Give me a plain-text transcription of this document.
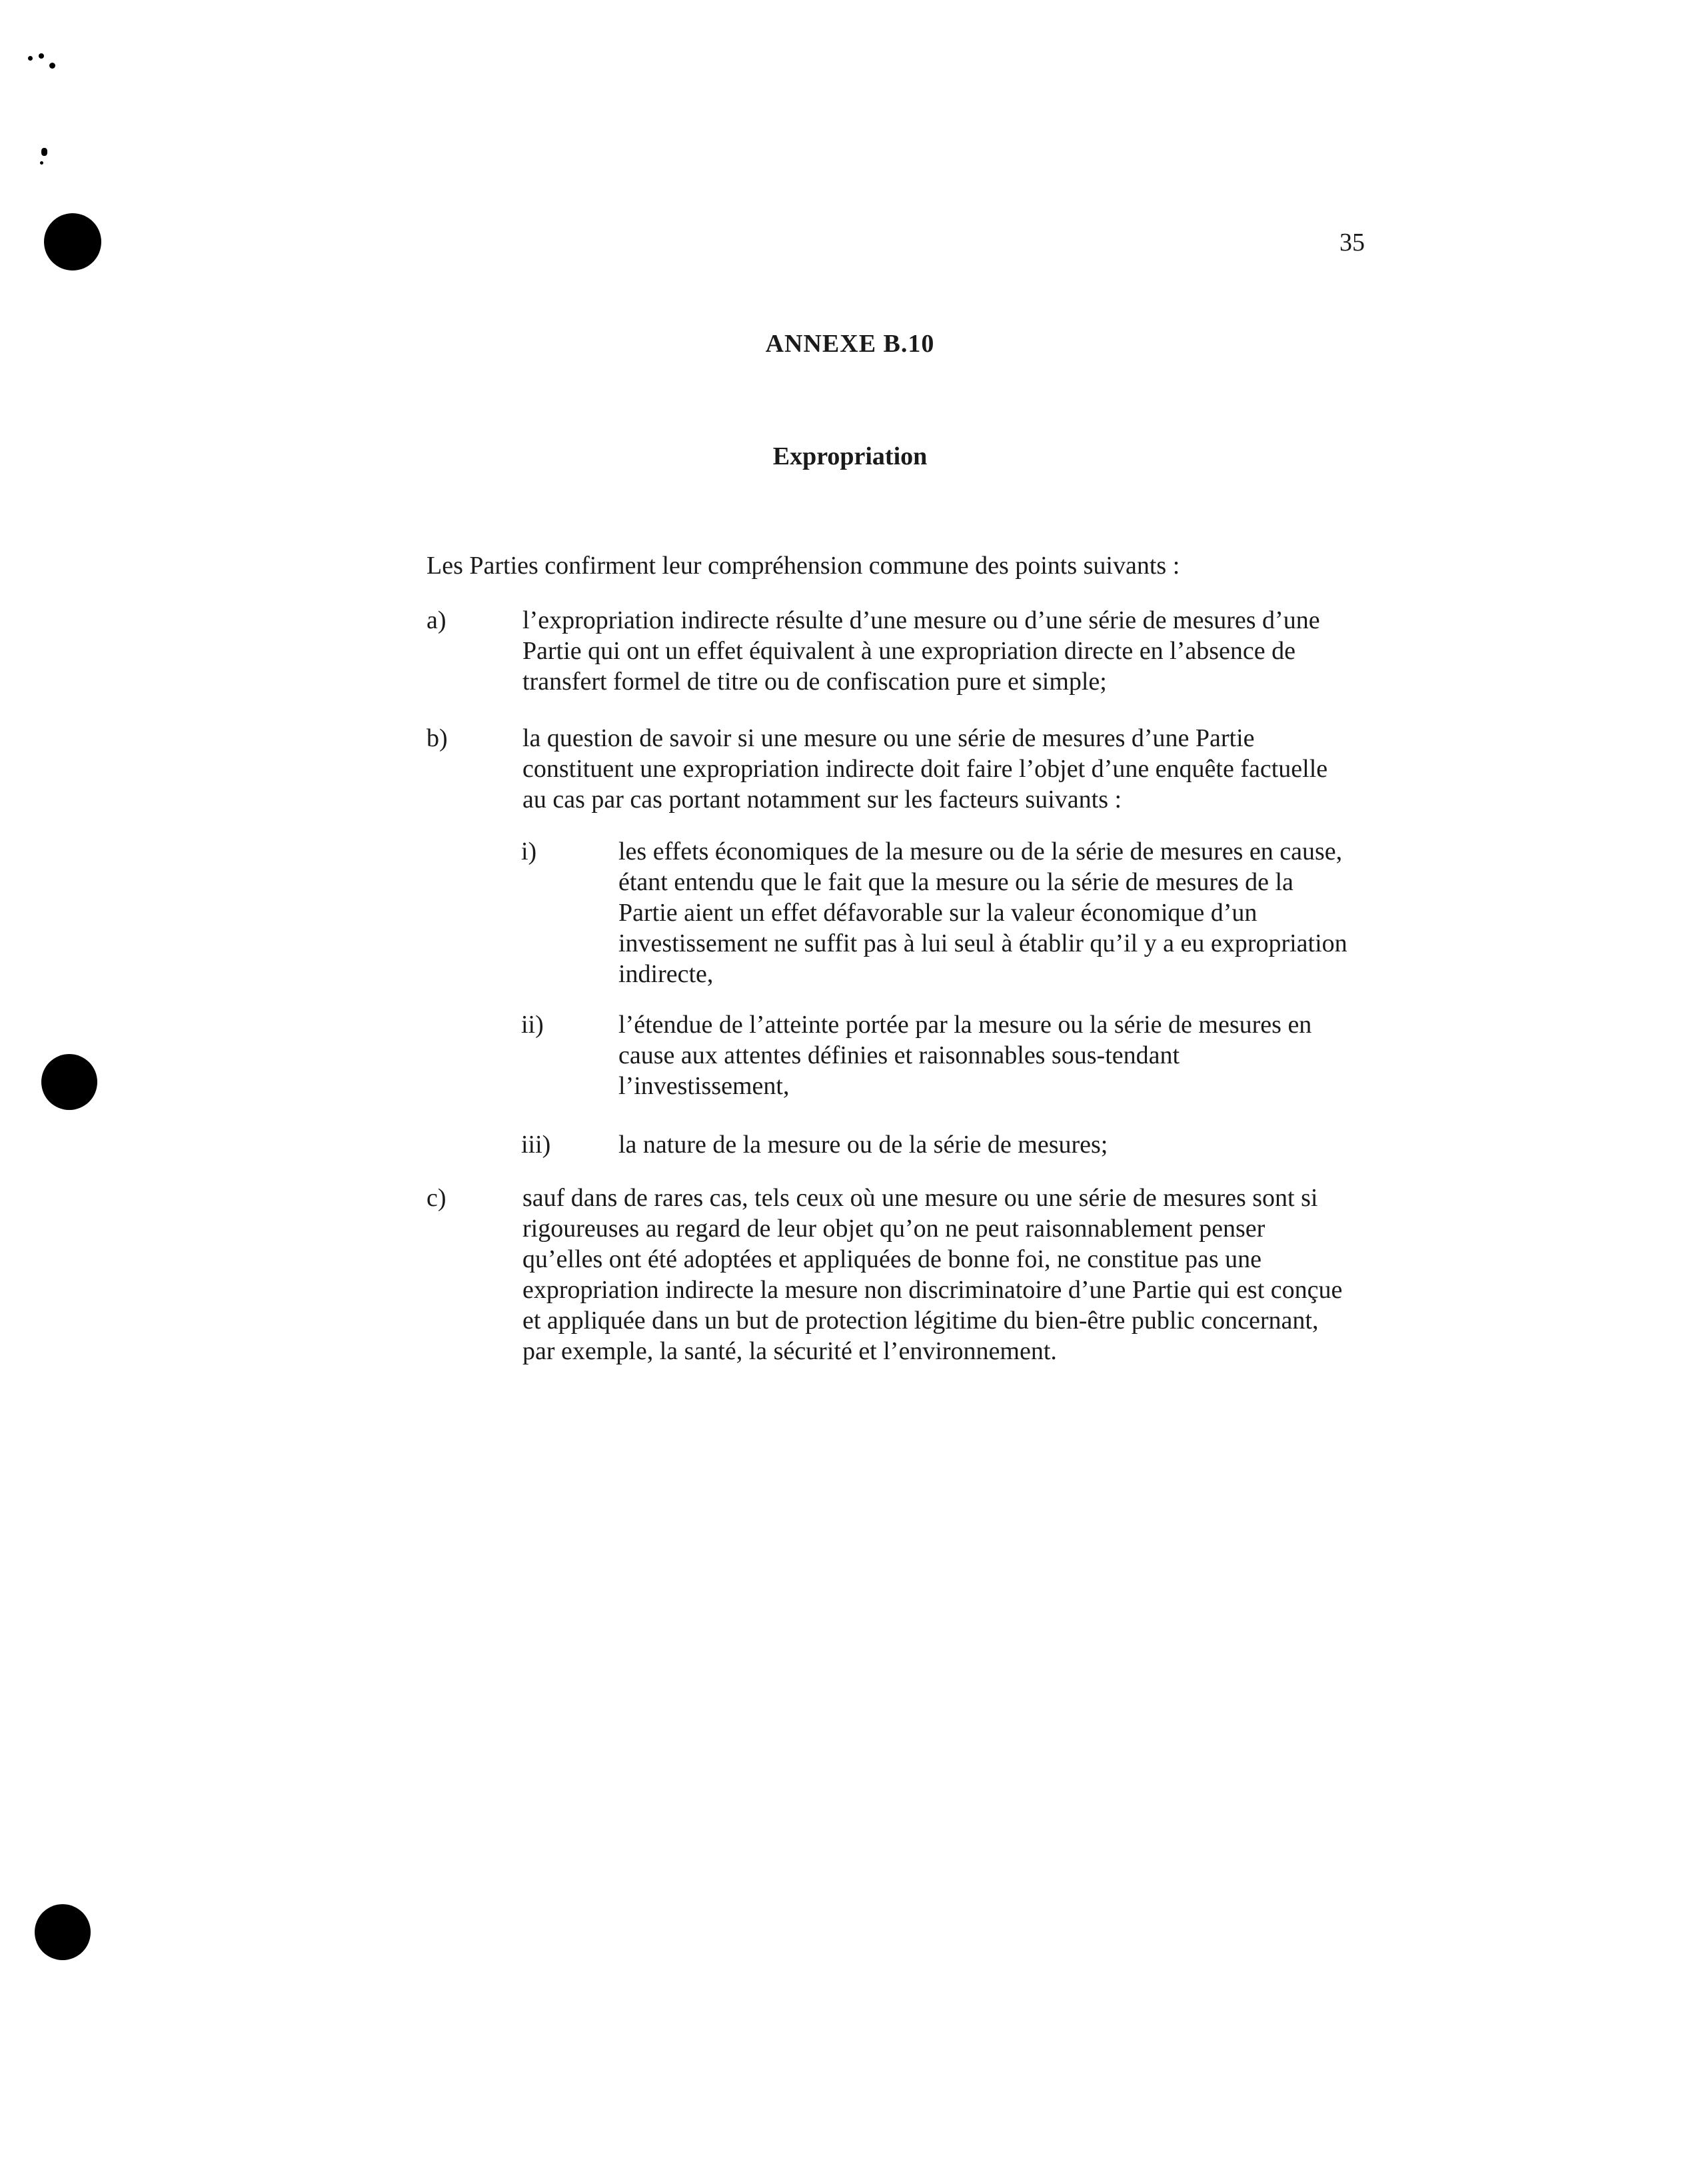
35
ANNEXE B.10
Expropriation
Les Parties confirment leur compréhension commune des points suivants :
a)	l’expropriation indirecte résulte d’une mesure ou d’une série de mesures d’une
Partie qui ont un effet équivalent à une expropriation directe en l’absence de
transfert formel de titre ou de confiscation pure et simple;
b)	la question de savoir si une mesure ou une série de mesures d’une Partie
constituent une expropriation indirecte doit faire l’objet d’une enquête factuelle
au cas par cas portant notamment sur les facteurs suivants :
i)	les effets économiques de la mesure ou de la série de mesures en cause,
étant entendu que le fait que la mesure ou la série de mesures de la
Partie aient un effet défavorable sur la valeur économique d’un
investissement ne suffit pas à lui seul à établir qu’il y a eu expropriation
indirecte,
ii)	l’étendue de l’atteinte portée par la mesure ou la série de mesures en
cause aux attentes définies et raisonnables sous-tendant
l’investissement,
iii)	la nature de la mesure ou de la série de mesures;
c)	sauf dans de rares cas, tels ceux où une mesure ou une série de mesures sont si
rigoureuses au regard de leur objet qu’on ne peut raisonnablement penser
qu’elles ont été adoptées et appliquées de bonne foi, ne constitue pas une
expropriation indirecte la mesure non discriminatoire d’une Partie qui est conçue
et appliquée dans un but de protection légitime du bien-être public concernant,
par exemple, la santé, la sécurité et l’environnement.
